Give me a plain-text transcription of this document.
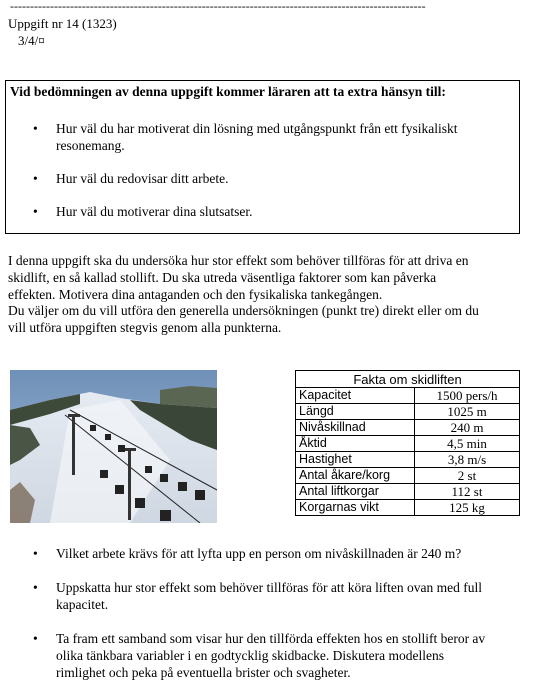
--------------------------------------------------------------------------------------------------------
Uppgift nr 14 (1323)
3/4/¤
Vid bedömningen av denna uppgift kommer läraren att ta extra hänsyn till:
• Hur väl du har motiverat din lösning med utgångspunkt från ett fysikaliskt resonemang.
• Hur väl du redovisar ditt arbete.
• Hur väl du motiverar dina slutsatser.

I denna uppgift ska du undersöka hur stor effekt som behöver tillföras för att driva en

skidlift, en så kallad stollift. Du ska utreda väsentliga faktorer som kan påverka

effekten. Motivera dina antaganden och den fysikaliska tankegången.

Du väljer om du vill utföra den generella undersökningen (punkt tre) direkt eller om du

vill utföra uppgiften stegvis genom alla punkterna.

Fakta om skidliften	
Kapacitet	1500 pers/h
Längd	1025 m
Nivåskillnad	240 m
Åktid	4,5 min
Hastighet	3,8 m/s
Antal åkare/korg	2 st
Antal liftkorgar	112 st
Korgarnas vikt	125 kg
• Vilket arbete krävs för att lyfta upp en person om nivåskillnaden är 240 m?
• Uppskatta hur stor effekt som behöver tillföras för att köra liften ovan med full
kapacitet.
• Ta fram ett samband som visar hur den tillförda effekten hos en stollift beror av
olika tänkbara variabler i en godtycklig skidbacke. Diskutera modellens
rimlighet och peka på eventuella brister och svagheter.
